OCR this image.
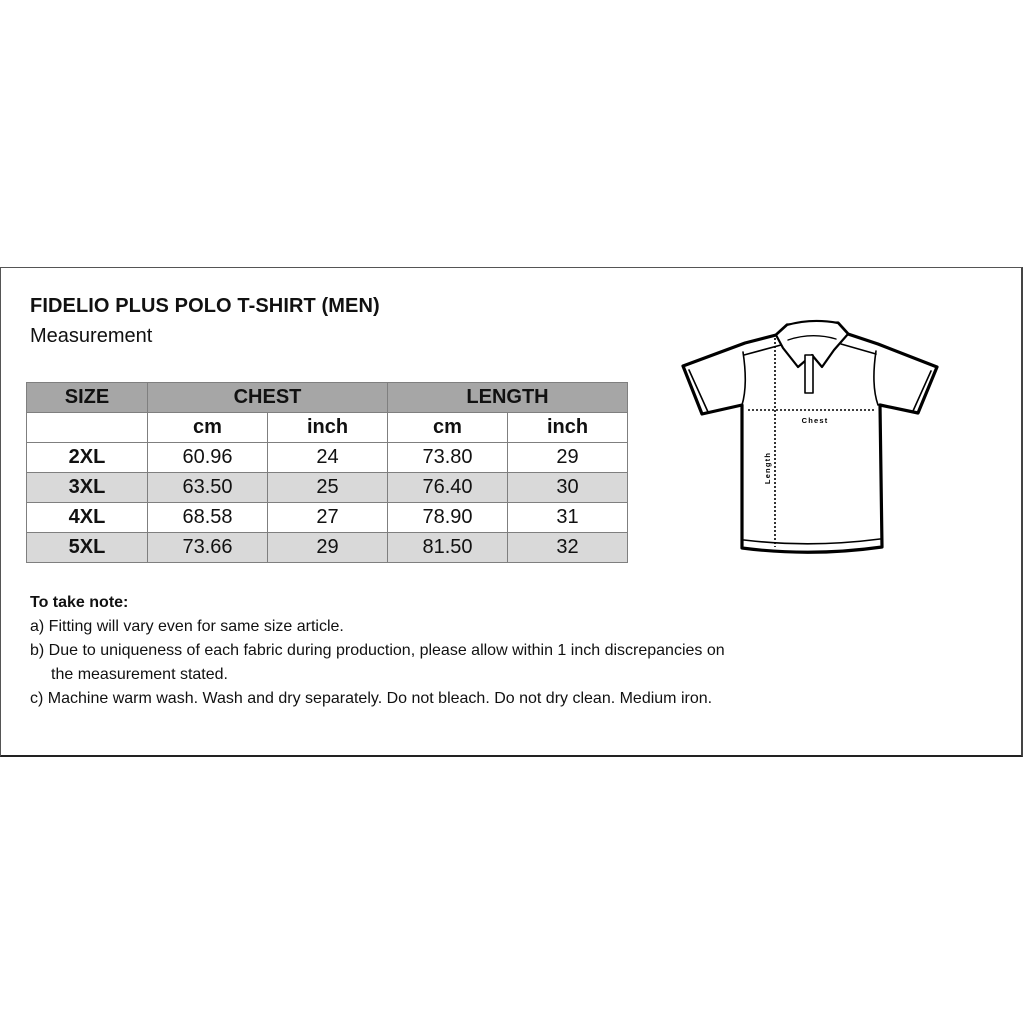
FIDELIO PLUS POLO T-SHIRT (MEN)
Measurement
SIZE	CHEST		LENGTH	
	cm	inch	cm	inch
2XL	60.96	24	73.80	29
3XL	63.50	25	76.40	30
4XL	68.58	27	78.90	31
5XL	73.66	29	81.50	32
To take note:
a) Fitting will vary even for same size article.
b) Due to uniqueness of each fabric during production, please allow within 1 inch discrepancies on
the measurement stated.
c) Machine warm wash. Wash and dry separately. Do not bleach. Do not dry clean. Medium iron.
Chest
Length
